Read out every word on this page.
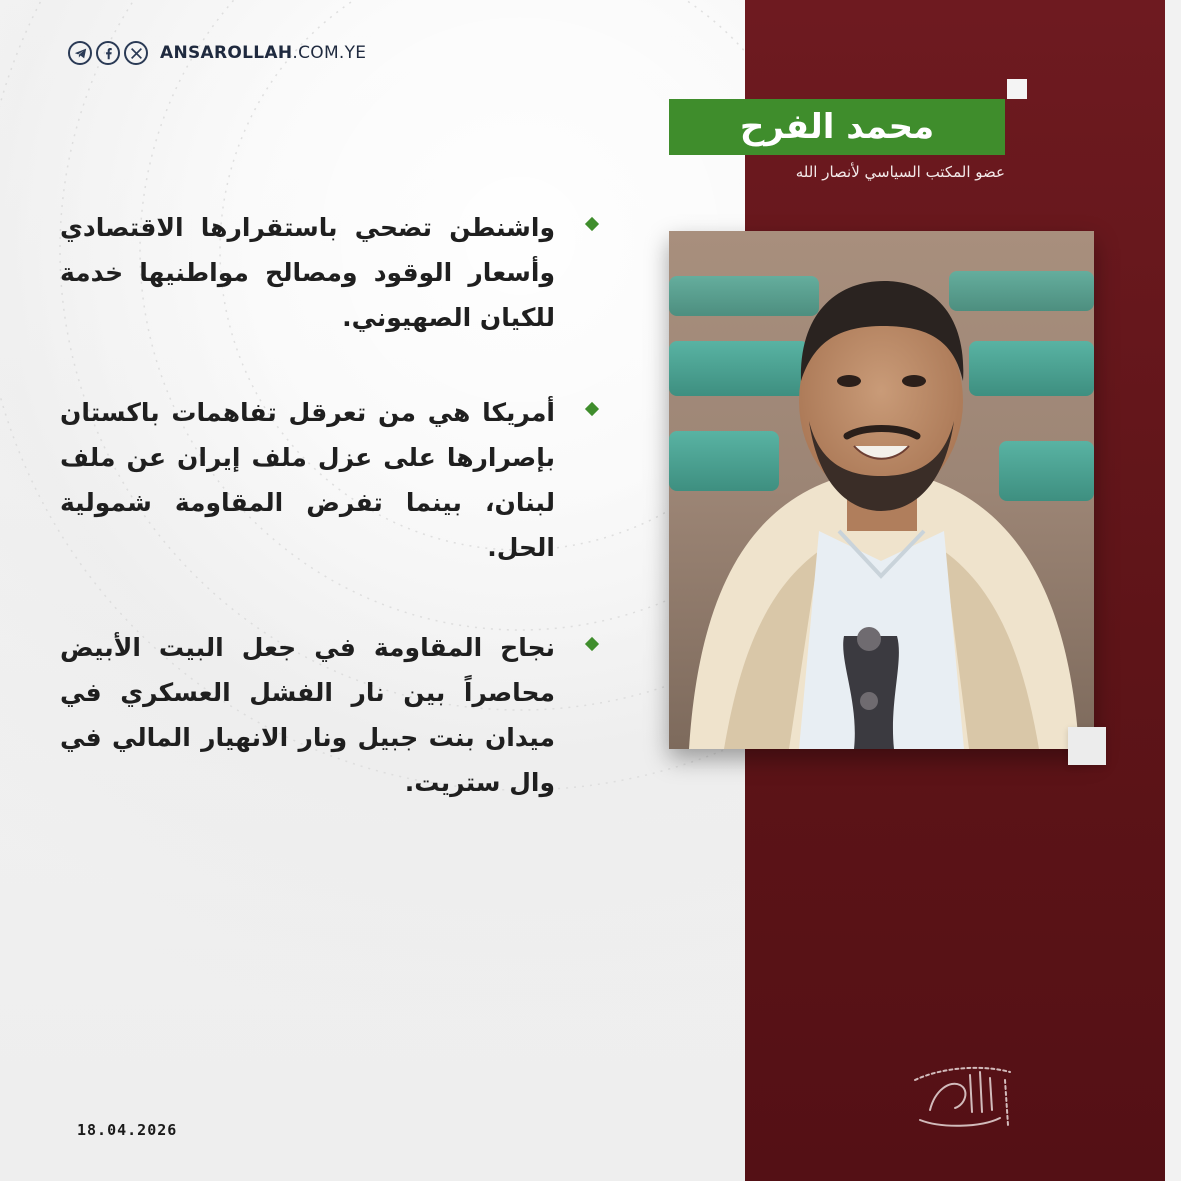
ANSAROLLAH.COM.YE
محمد الفرح
عضو المكتب السياسي لأنصار الله

واشنطن تضحي باستقرارها الاقتصادي وأسعار الوقود ومصالح مواطنيها خدمة للكيان الصهيوني.

أمريكا هي من تعرقل تفاهمات باكستان بإصرارها على عزل ملف إيران عن ملف لبنان، بينما تفرض المقاومة شمولية الحل.

نجاح المقاومة في جعل البيت الأبيض محاصراً بين نار الفشل العسكري في ميدان بنت جبيل ونار الانهيار المالي في وال ستريت.

18.04.2026
